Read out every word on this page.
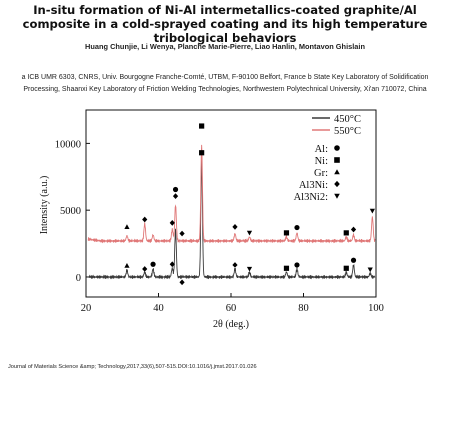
In-situ formation of Ni-Al intermetallics-coated graphite/Al composite in a cold-sprayed coating and its high temperature tribological behaviors
Huang Chunjie, Li Wenya, Planche Marie-Pierre, Liao Hanlin, Montavon Ghislain
a ICB UMR 6303, CNRS, Univ. Bourgogne Franche-Comté, UTBM, F-90100 Belfort, France b State Key Laboratory of Solidification Processing, Shaanxi Key Laboratory of Friction Welding Technologies, Northwestern Polytechnical University, Xi'an 710072, China
20	40	60	80	100
0
5000
10000
450°C
550°C
Al:
Ni:
Gr:
Al3Ni:
Al3Ni2:
Intensity (a.u.)
2θ (deg.)
Journal of Materials Science &amp; Technology,2017,33(6),507-515.DOI:10.1016/j.jmst.2017.01.026
